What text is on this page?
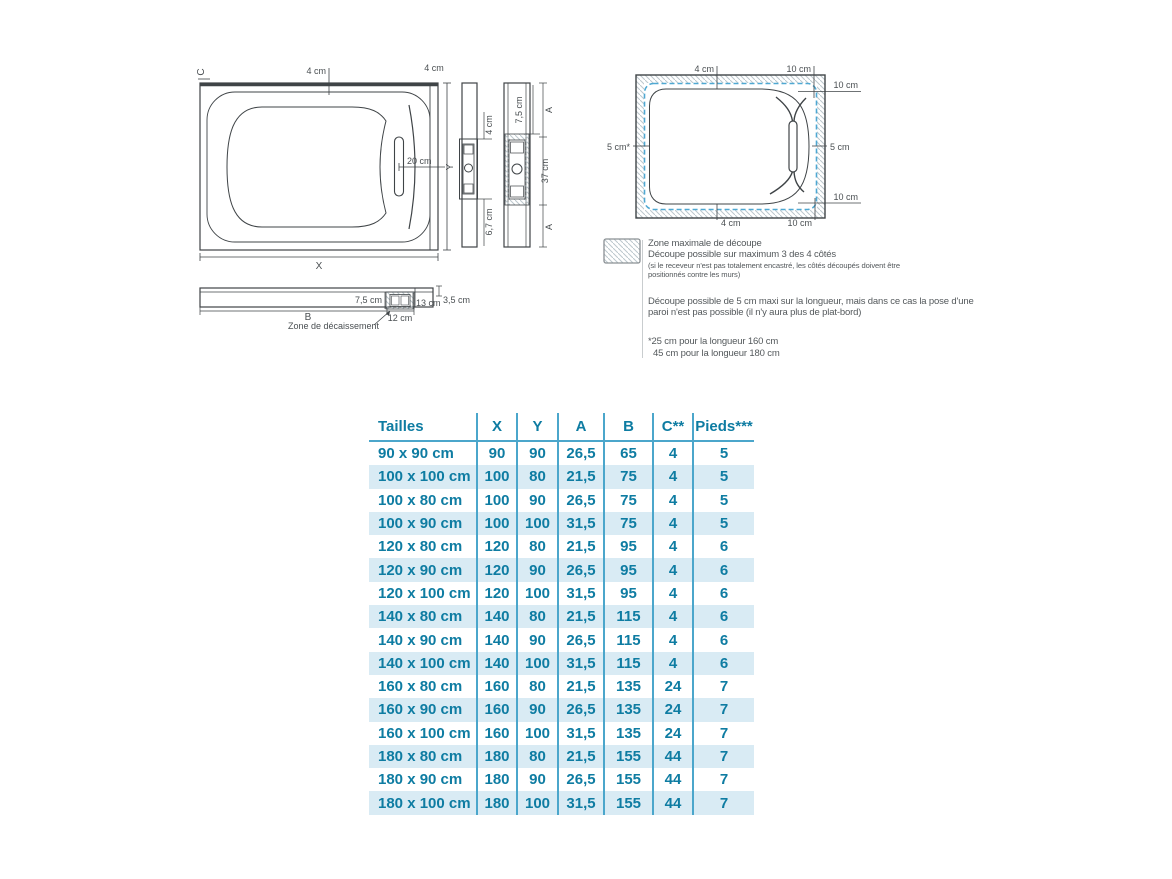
4 cm	4 cm
20 cm
C
X
Y
4 cm
6,7 cm
7,5 cm A
37 cm
A
7,5 cm	13 cm 3,5 cm
12 cm
B
Zone de décaissement
4 cm	10 cm
10 cm
5 cm
10 cm
5 cm*
4 cm	10 cm
Zone maximale de découpe
Découpe possible sur maximum 3 des 4 côtés
(si le receveur n'est pas totalement encastré, les côtés découpés doivent être
positionnés contre les murs)
Découpe possible de 5 cm maxi sur la longueur, mais dans ce cas la pose d'une
paroi n'est pas possible (il n'y aura plus de plat-bord)
*25 cm pour la longueur 160 cm
45 cm pour la longueur 180 cm
Tailles	X	Y	A	B	C**	Pieds***
90 x 90 cm	90	90	26,5	65	4	5
100 x 100 cm	100	80	21,5	75	4	5
100 x 80 cm	100	90	26,5	75	4	5
100 x 90 cm	100	100	31,5	75	4	5
120 x 80 cm	120	80	21,5	95	4	6
120 x 90 cm	120	90	26,5	95	4	6
120 x 100 cm	120	100	31,5	95	4	6
140 x 80 cm	140	80	21,5	115	4	6
140 x 90 cm	140	90	26,5	115	4	6
140 x 100 cm	140	100	31,5	115	4	6
160 x 80 cm	160	80	21,5	135	24	7
160 x 90 cm	160	90	26,5	135	24	7
160 x 100 cm	160	100	31,5	135	24	7
180 x 80 cm	180	80	21,5	155	44	7
180 x 90 cm	180	90	26,5	155	44	7
180 x 100 cm	180	100	31,5	155	44	7
